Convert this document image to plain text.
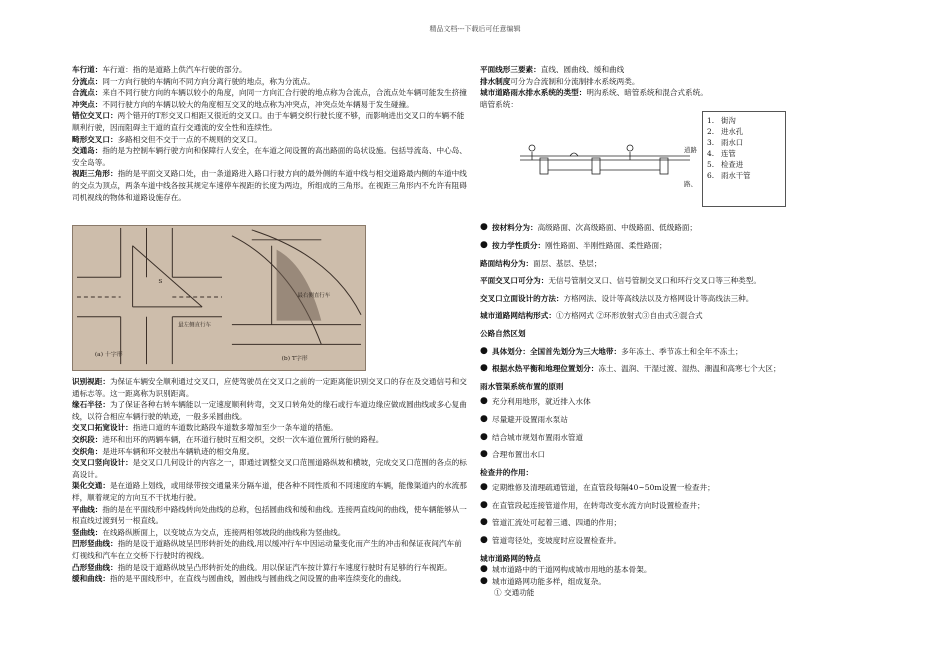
精品文档---下载后可任意编辑

车行道：车行道：指的是道路上供汽车行驶的部分。

分流点：同一方向行驶的车辆向不同方向分离行驶的地点，称为分流点。

合流点：来自不同行驶方向的车辆以较小的角度，向同一方向汇合行驶的地点称为合流点，合流点处车辆可能发生挤撞

冲突点：不同行驶方向的车辆以较大的角度相互交叉的地点称为冲突点，冲突点处车辆易于发生碰撞。

错位交叉口：两个错开的T形交叉口相距又很近的交叉口。由于车辆交织行驶长度不够，而影响进出交叉口的车辆不能顺利行驶，因而阻碍主干道的直行交通流的安全性和连续性。

畸形交叉口：多路相交但不交于一点的不规则的交叉口。

交通岛：指的是为控制车辆行驶方向和保障行人安全，在车道之间设置的高出路面的岛状设施。包括导流岛、中心岛、安全岛等。

视距三角形：指的是平面交叉路口处，由一条道路进入路口行驶方向的最外侧的车道中线与相交道路最内侧的车道中线的交点为顶点，两条车道中线各按其规定车速停车视距的长度为两边，所组成的三角形。在视距三角形内不允许有阻碍司机视线的物体和道路设施存在。

(a) 十字形
(b) T字形
最左侧直行车
最右侧直行车
S

识别视距：为保证车辆安全顺利通过交叉口，应使驾驶员在交叉口之前的一定距离能识别交叉口的存在及交通信号和交通标志等。这一距离称为识别距离。

缘石半径：为了保证各种右转车辆能以一定速度顺利转弯，交叉口转角处的缘石或行车道边缘应做成圆曲线或多心复曲线，以符合相应车辆行驶的轨迹，一般多采圆曲线。

交叉口拓宽设计：指进口道的车道数比路段车道数多增加至少一条车道的措施。

交织段：进环和出环的两辆车辆，在环道行驶时互相交织，交织一次车道位置所行驶的路程。

交织角：是进环车辆和环交驶出车辆轨迹的相交角度。

交叉口竖向设计：是交叉口几何设计的内容之一，即通过调整交叉口范围道路纵坡和横坡，完成交叉口范围的各点的标高设计。

渠化交通：是在道路上划线，或用绿带按交通量来分隔车道，使各种不同性质和不同速度的车辆，能像渠道内的水流那样，顺着规定的方向互不干扰地行驶。

平曲线：指的是在平面线形中路线转向处曲线的总称，包括圆曲线和缓和曲线。连接两直线间的曲线，使车辆能够从一根直线过渡到另一根直线。

竖曲线：在线路纵断面上，以变坡点为交点，连接两相邻坡段的曲线称为竖曲线。

凹形竖曲线：指的是设于道路纵坡呈凹形转折处的曲线,用以缓冲行车中因运动量变化而产生的冲击和保证夜间汽车前灯视线和汽车在立交桥下行驶时的视线。

凸形竖曲线：指的是设于道路纵坡呈凸形转折处的曲线。用以保证汽车按计算行车速度行驶时有足够的行车视距。

缓和曲线：指的是平面线形中，在直线与圆曲线，圆曲线与圆曲线之间设置的曲率连续变化的曲线。

平面线形三要素：直线、圆曲线、缓和曲线

排水制度可分为合流制和分流制排水系统两类。

城市道路雨水排水系统的类型：明沟系统、暗管系统和混合式系统。

暗管系统：

● 按材料分为：高级路面、次高级路面、中级路面、低级路面；
● 按力学性质分：刚性路面、半刚性路面、柔性路面；

路面结构分为：面层、基层、垫层；

平面交叉口可分为：无信号管制交叉口、信号管制交叉口和环行交叉口等三种类型。

交叉口立面设计的方法：方格网法、设计等高线法以及方格网设计等高线法三种。

城市道路网结构形式：①方格网式 ②环形放射式③自由式④混合式

公路自然区划

● 具体划分：全国首先划分为三大地带：多年冻土、季节冻土和全年不冻土；
● 根据水热平衡和地理位置划分：冻土、温润、干湿过渡、湿热、潮温和高寒七个大区；

雨水管渠系统布置的原则

● 充分利用地形，就近排入水体
● 尽量避开设置雨水泵站
● 结合城市规划布置雨水管道
● 合理布置出水口

检查井的作用：

● 定期维修及清理疏通管道，在直管段每隔40~50m设置一检查井；
● 在直管段起连接管道作用，在转弯改变水流方向时设置检查井；
● 管道汇流处可起着三通、四通的作用；
● 管道弯径处，变坡度时应设置检查井。

城市道路网的特点

● 城市道路中的干道网构成城市用地的基本骨架。
● 城市道路网功能多样，组成复杂。

① 交通功能

道路
路、
1. 街沟
2. 进水孔
3. 雨水口
4. 连管
5. 检查进
6. 雨水干管
